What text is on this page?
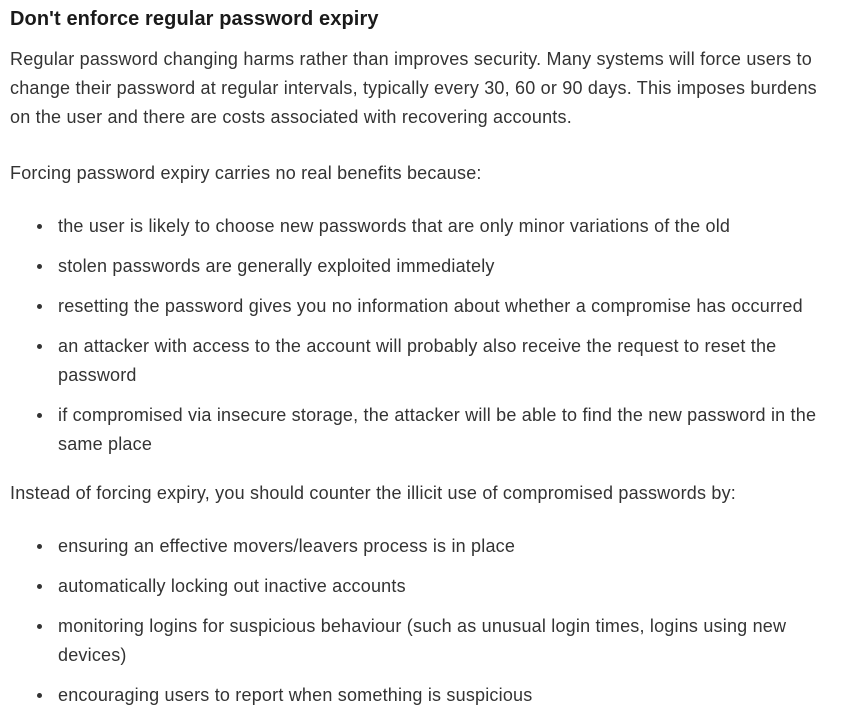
Don't enforce regular password expiry

Regular password changing harms rather than improves security. Many systems will force users to change their password at regular intervals, typically every 30, 60 or 90 days. This imposes burdens on the user and there are costs associated with recovering accounts.

Forcing password expiry carries no real benefits because:

the user is likely to choose new passwords that are only minor variations of the old
stolen passwords are generally exploited immediately
resetting the password gives you no information about whether a compromise has occurred
an attacker with access to the account will probably also receive the request to reset the password
if compromised via insecure storage, the attacker will be able to find the new password in the same place

Instead of forcing expiry, you should counter the illicit use of compromised passwords by:

ensuring an effective movers/leavers process is in place
automatically locking out inactive accounts
monitoring logins for suspicious behaviour (such as unusual login times, logins using new devices)
encouraging users to report when something is suspicious
